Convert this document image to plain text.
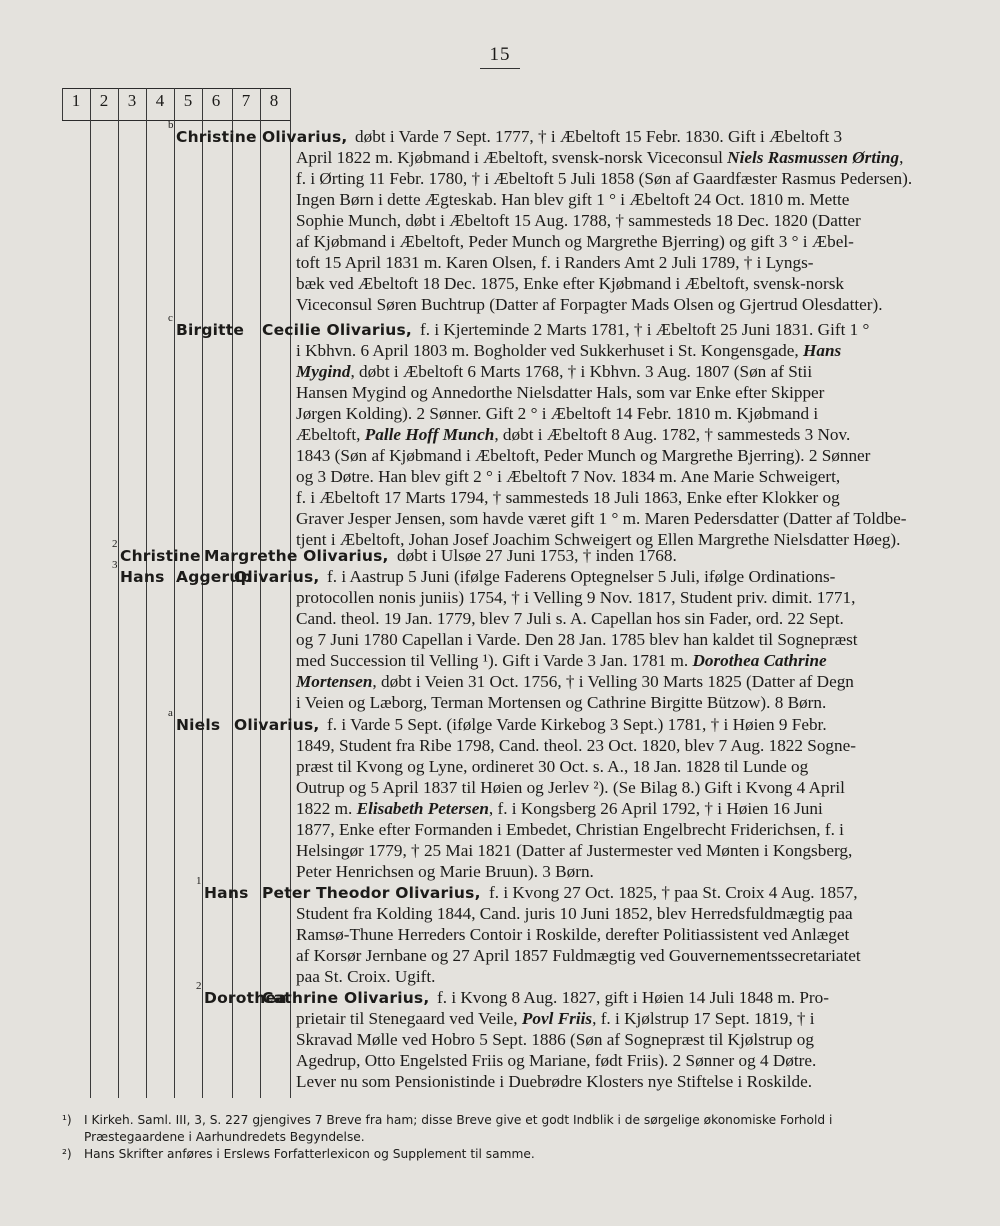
15
1	2	3	4	5	6	7	8
b
Christine Olivarius, døbt i Varde 7 Sept. 1777, † i Æbeltoft 15 Febr. 1830. Gift i Æbeltoft 3
April 1822 m. Kjøbmand i Æbeltoft, svensk-norsk Viceconsul Niels Rasmussen Ørting,
f. i Ørting 11 Febr. 1780, † i Æbeltoft 5 Juli 1858 (Søn af Gaardfæster Rasmus Pedersen).
Ingen Børn i dette Ægteskab. Han blev gift 1 ° i Æbeltoft 24 Oct. 1810 m. Mette
Sophie Munch, døbt i Æbeltoft 15 Aug. 1788, † sammesteds 18 Dec. 1820 (Datter
af Kjøbmand i Æbeltoft, Peder Munch og Margrethe Bjerring) og gift 3 ° i Æbel-
toft 15 April 1831 m. Karen Olsen, f. i Randers Amt 2 Juli 1789, † i Lyngs-
bæk ved Æbeltoft 18 Dec. 1875, Enke efter Kjøbmand i Æbeltoft, svensk-norsk
Viceconsul Søren Buchtrup (Datter af Forpagter Mads Olsen og Gjertrud Olesdatter).
c
Birgitte Cecilie Olivarius, f. i Kjerteminde 2 Marts 1781, † i Æbeltoft 25 Juni 1831. Gift 1 °
i Kbhvn. 6 April 1803 m. Bogholder ved Sukkerhuset i St. Kongensgade, Hans
Mygind, døbt i Æbeltoft 6 Marts 1768, † i Kbhvn. 3 Aug. 1807 (Søn af Stii
Hansen Mygind og Annedorthe Nielsdatter Hals, som var Enke efter Skipper
Jørgen Kolding). 2 Sønner. Gift 2 ° i Æbeltoft 14 Febr. 1810 m. Kjøbmand i
Æbeltoft, Palle Hoff Munch, døbt i Æbeltoft 8 Aug. 1782, † sammesteds 3 Nov.
1843 (Søn af Kjøbmand i Æbeltoft, Peder Munch og Margrethe Bjerring). 2 Sønner
og 3 Døtre. Han blev gift 2 ° i Æbeltoft 7 Nov. 1834 m. Ane Marie Schweigert,
f. i Æbeltoft 17 Marts 1794, † sammesteds 18 Juli 1863, Enke efter Klokker og
Graver Jesper Jensen, som havde været gift 1 ° m. Maren Pedersdatter (Datter af Toldbe-
tjent i Æbeltoft, Johan Josef Joachim Schweigert og Ellen Margrethe Nielsdatter Høeg).
2
Christine Margrethe Olivarius, døbt i Ulsøe 27 Juni 1753, † inden 1768.
3
Hans Aggerup
Olivarius, f. i Aastrup 5 Juni (ifølge Faderens Optegnelser 5 Juli, ifølge Ordinations-
protocollen nonis juniis) 1754, † i Velling 9 Nov. 1817, Student priv. dimit. 1771,
Cand. theol. 19 Jan. 1779, blev 7 Juli s. A. Capellan hos sin Fader, ord. 22 Sept.
og 7 Juni 1780 Capellan i Varde. Den 28 Jan. 1785 blev han kaldet til Sognepræst
med Succession til Velling ¹). Gift i Varde 3 Jan. 1781 m. Dorothea Cathrine
Mortensen, døbt i Veien 31 Oct. 1756, † i Velling 30 Marts 1825 (Datter af Degn
i Veien og Læborg, Terman Mortensen og Cathrine Birgitte Bützow). 8 Børn.
a
Niels Olivarius, f. i Varde 5 Sept. (ifølge Varde Kirkebog 3 Sept.) 1781, † i Høien 9 Febr.
1849, Student fra Ribe 1798, Cand. theol. 23 Oct. 1820, blev 7 Aug. 1822 Sogne-
præst til Kvong og Lyne, ordineret 30 Oct. s. A., 18 Jan. 1828 til Lunde og
Outrup og 5 April 1837 til Høien og Jerlev ²). (Se Bilag 8.) Gift i Kvong 4 April
1822 m. Elisabeth Petersen, f. i Kongsberg 26 April 1792, † i Høien 16 Juni
1877, Enke efter Formanden i Embedet, Christian Engelbrecht Friderichsen, f. i
Helsingør 1779, † 25 Mai 1821 (Datter af Justermester ved Mønten i Kongsberg,
Peter Henrichsen og Marie Bruun). 3 Børn.
1
Hans Peter Theodor Olivarius, f. i Kvong 27 Oct. 1825, † paa St. Croix 4 Aug. 1857,
Student fra Kolding 1844, Cand. juris 10 Juni 1852, blev Herredsfuldmægtig paa
Ramsø-Thune Herreders Contoir i Roskilde, derefter Politiassistent ved Anlæget
af Korsør Jernbane og 27 April 1857 Fuldmægtig ved Gouvernementssecretariatet
paa St. Croix. Ugift.
2
Dorothea
Cathrine Olivarius, f. i Kvong 8 Aug. 1827, gift i Høien 14 Juli 1848 m. Pro-
prietair til Stenegaard ved Veile, Povl Friis, f. i Kjølstrup 17 Sept. 1819, † i
Skravad Mølle ved Hobro 5 Sept. 1886 (Søn af Sognepræst til Kjølstrup og
Agedrup, Otto Engelsted Friis og Mariane, født Friis). 2 Sønner og 4 Døtre.
Lever nu som Pensionistinde i Duebrødre Klosters nye Stiftelse i Roskilde.
¹) I Kirkeh. Saml. III, 3, S. 227 gjengives 7 Breve fra ham; disse Breve give et godt Indblik i de sørgelige økonomiske Forhold i
Præstegaardene i Aarhundredets Begyndelse.
²) Hans Skrifter anføres i Erslews Forfatterlexicon og Supplement til samme.
